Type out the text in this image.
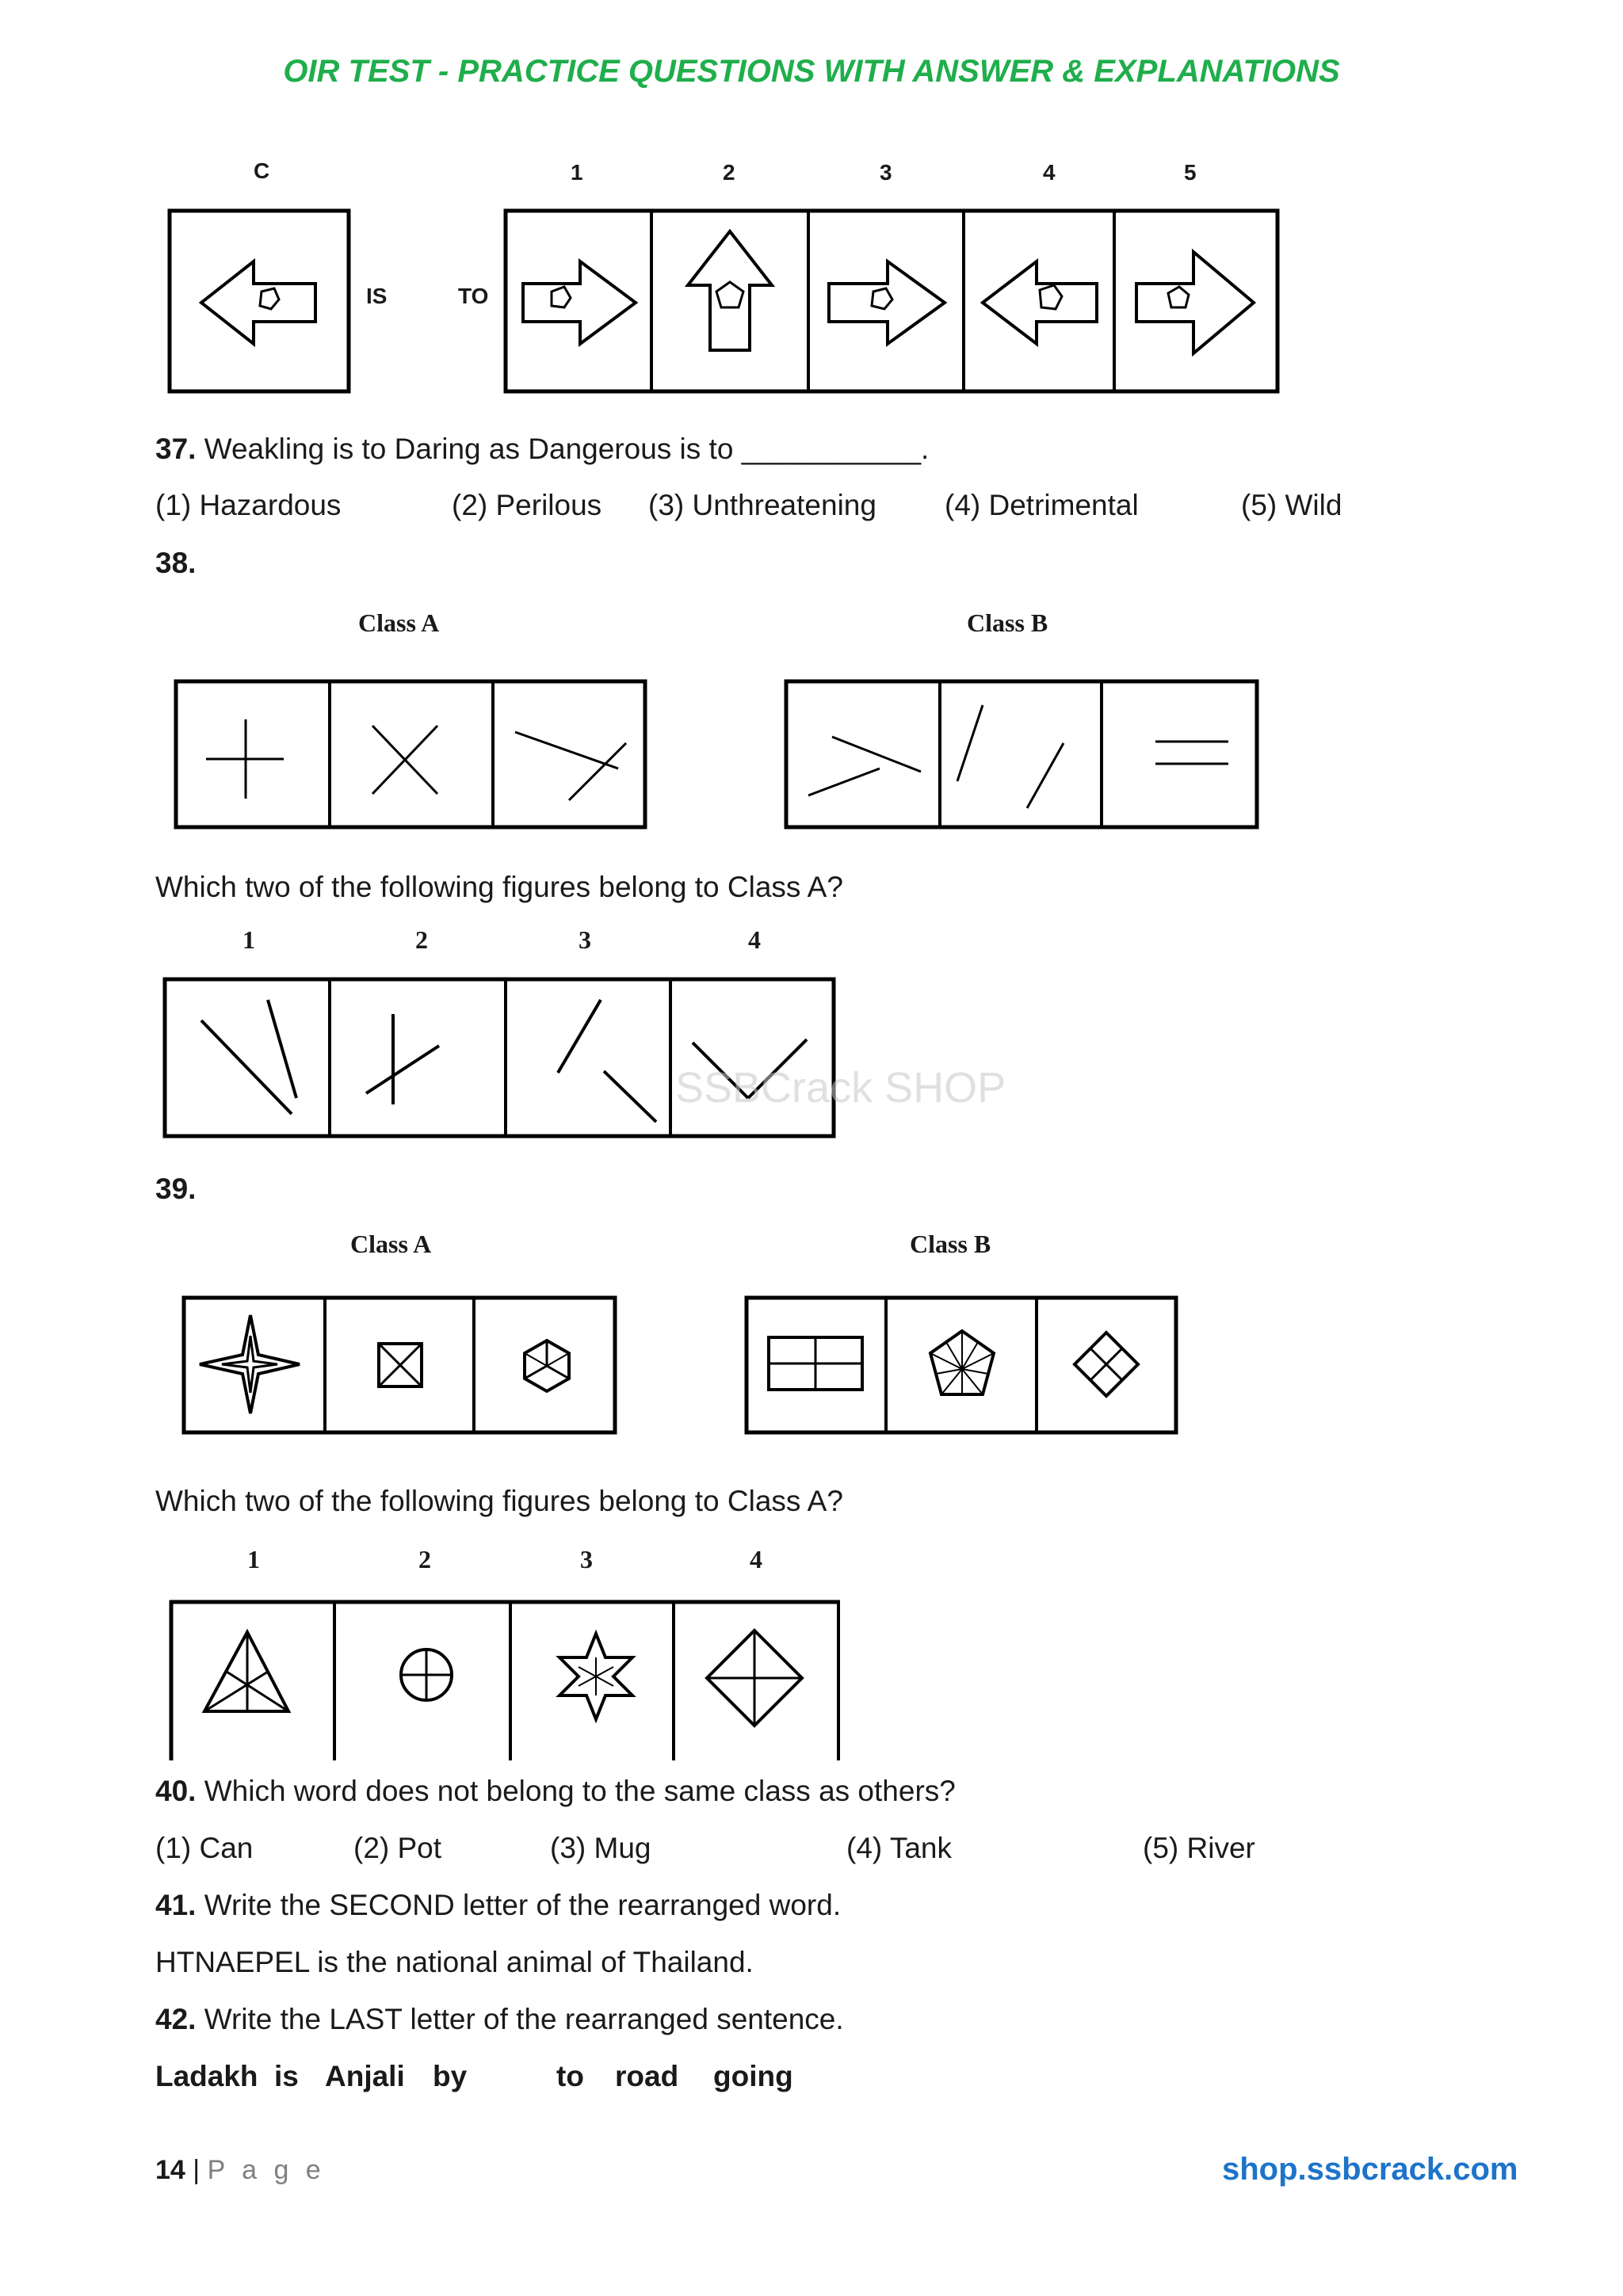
OIR TEST - PRACTICE QUESTIONS WITH ANSWER & EXPLANATIONS
C
IS	TO
1	2	3	4	5
37. Weakling is to Daring as Dangerous is to ___________.
(1) Hazardous	(2) Perilous (3) Unthreatening (4) Detrimental	(5) Wild
38.
Class A	Class B
Which two of the following figures belong to Class A?
1	2	3	4
SSBCrack SHOP
39.
Class A	Class B
Which two of the following figures belong to Class A?
1	2	3	4
40. Which word does not belong to the same class as others?
(1) Can	(2) Pot	(3) Mug	(4) Tank	(5) River
41. Write the SECOND letter of the rearranged word.
HTNAEPEL is the national animal of Thailand.
42. Write the LAST letter of the rearranged sentence.
Ladakh is Anjali by	to road going
14 | P a g e	shop.ssbcrack.com
